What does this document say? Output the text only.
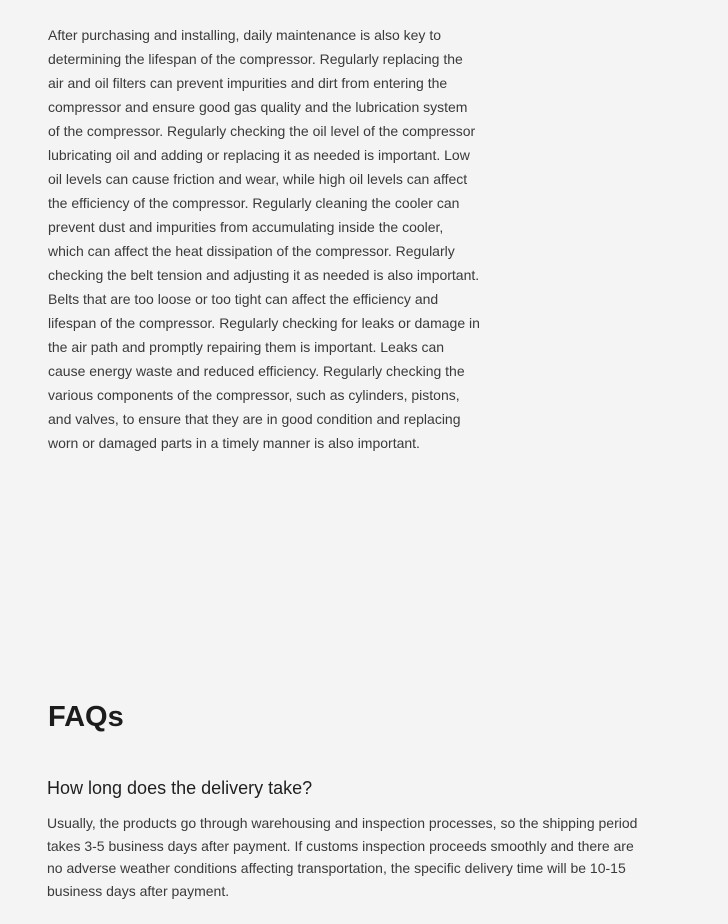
After purchasing and installing, daily maintenance is also key to determining the lifespan of the compressor. Regularly replacing the air and oil filters can prevent impurities and dirt from entering the compressor and ensure good gas quality and the lubrication system of the compressor. Regularly checking the oil level of the compressor lubricating oil and adding or replacing it as needed is important. Low oil levels can cause friction and wear, while high oil levels can affect the efficiency of the compressor. Regularly cleaning the cooler can prevent dust and impurities from accumulating inside the cooler, which can affect the heat dissipation of the compressor. Regularly checking the belt tension and adjusting it as needed is also important. Belts that are too loose or too tight can affect the efficiency and lifespan of the compressor. Regularly checking for leaks or damage in the air path and promptly repairing them is important. Leaks can cause energy waste and reduced efficiency. Regularly checking the various components of the compressor, such as cylinders, pistons, and valves, to ensure that they are in good condition and replacing worn or damaged parts in a timely manner is also important.

FAQs
How long does the delivery take?

Usually, the products go through warehousing and inspection processes, so the shipping period takes 3-5 business days after payment. If customs inspection proceeds smoothly and there are no adverse weather conditions affecting transportation, the specific delivery time will be 10-15 business days after payment.
